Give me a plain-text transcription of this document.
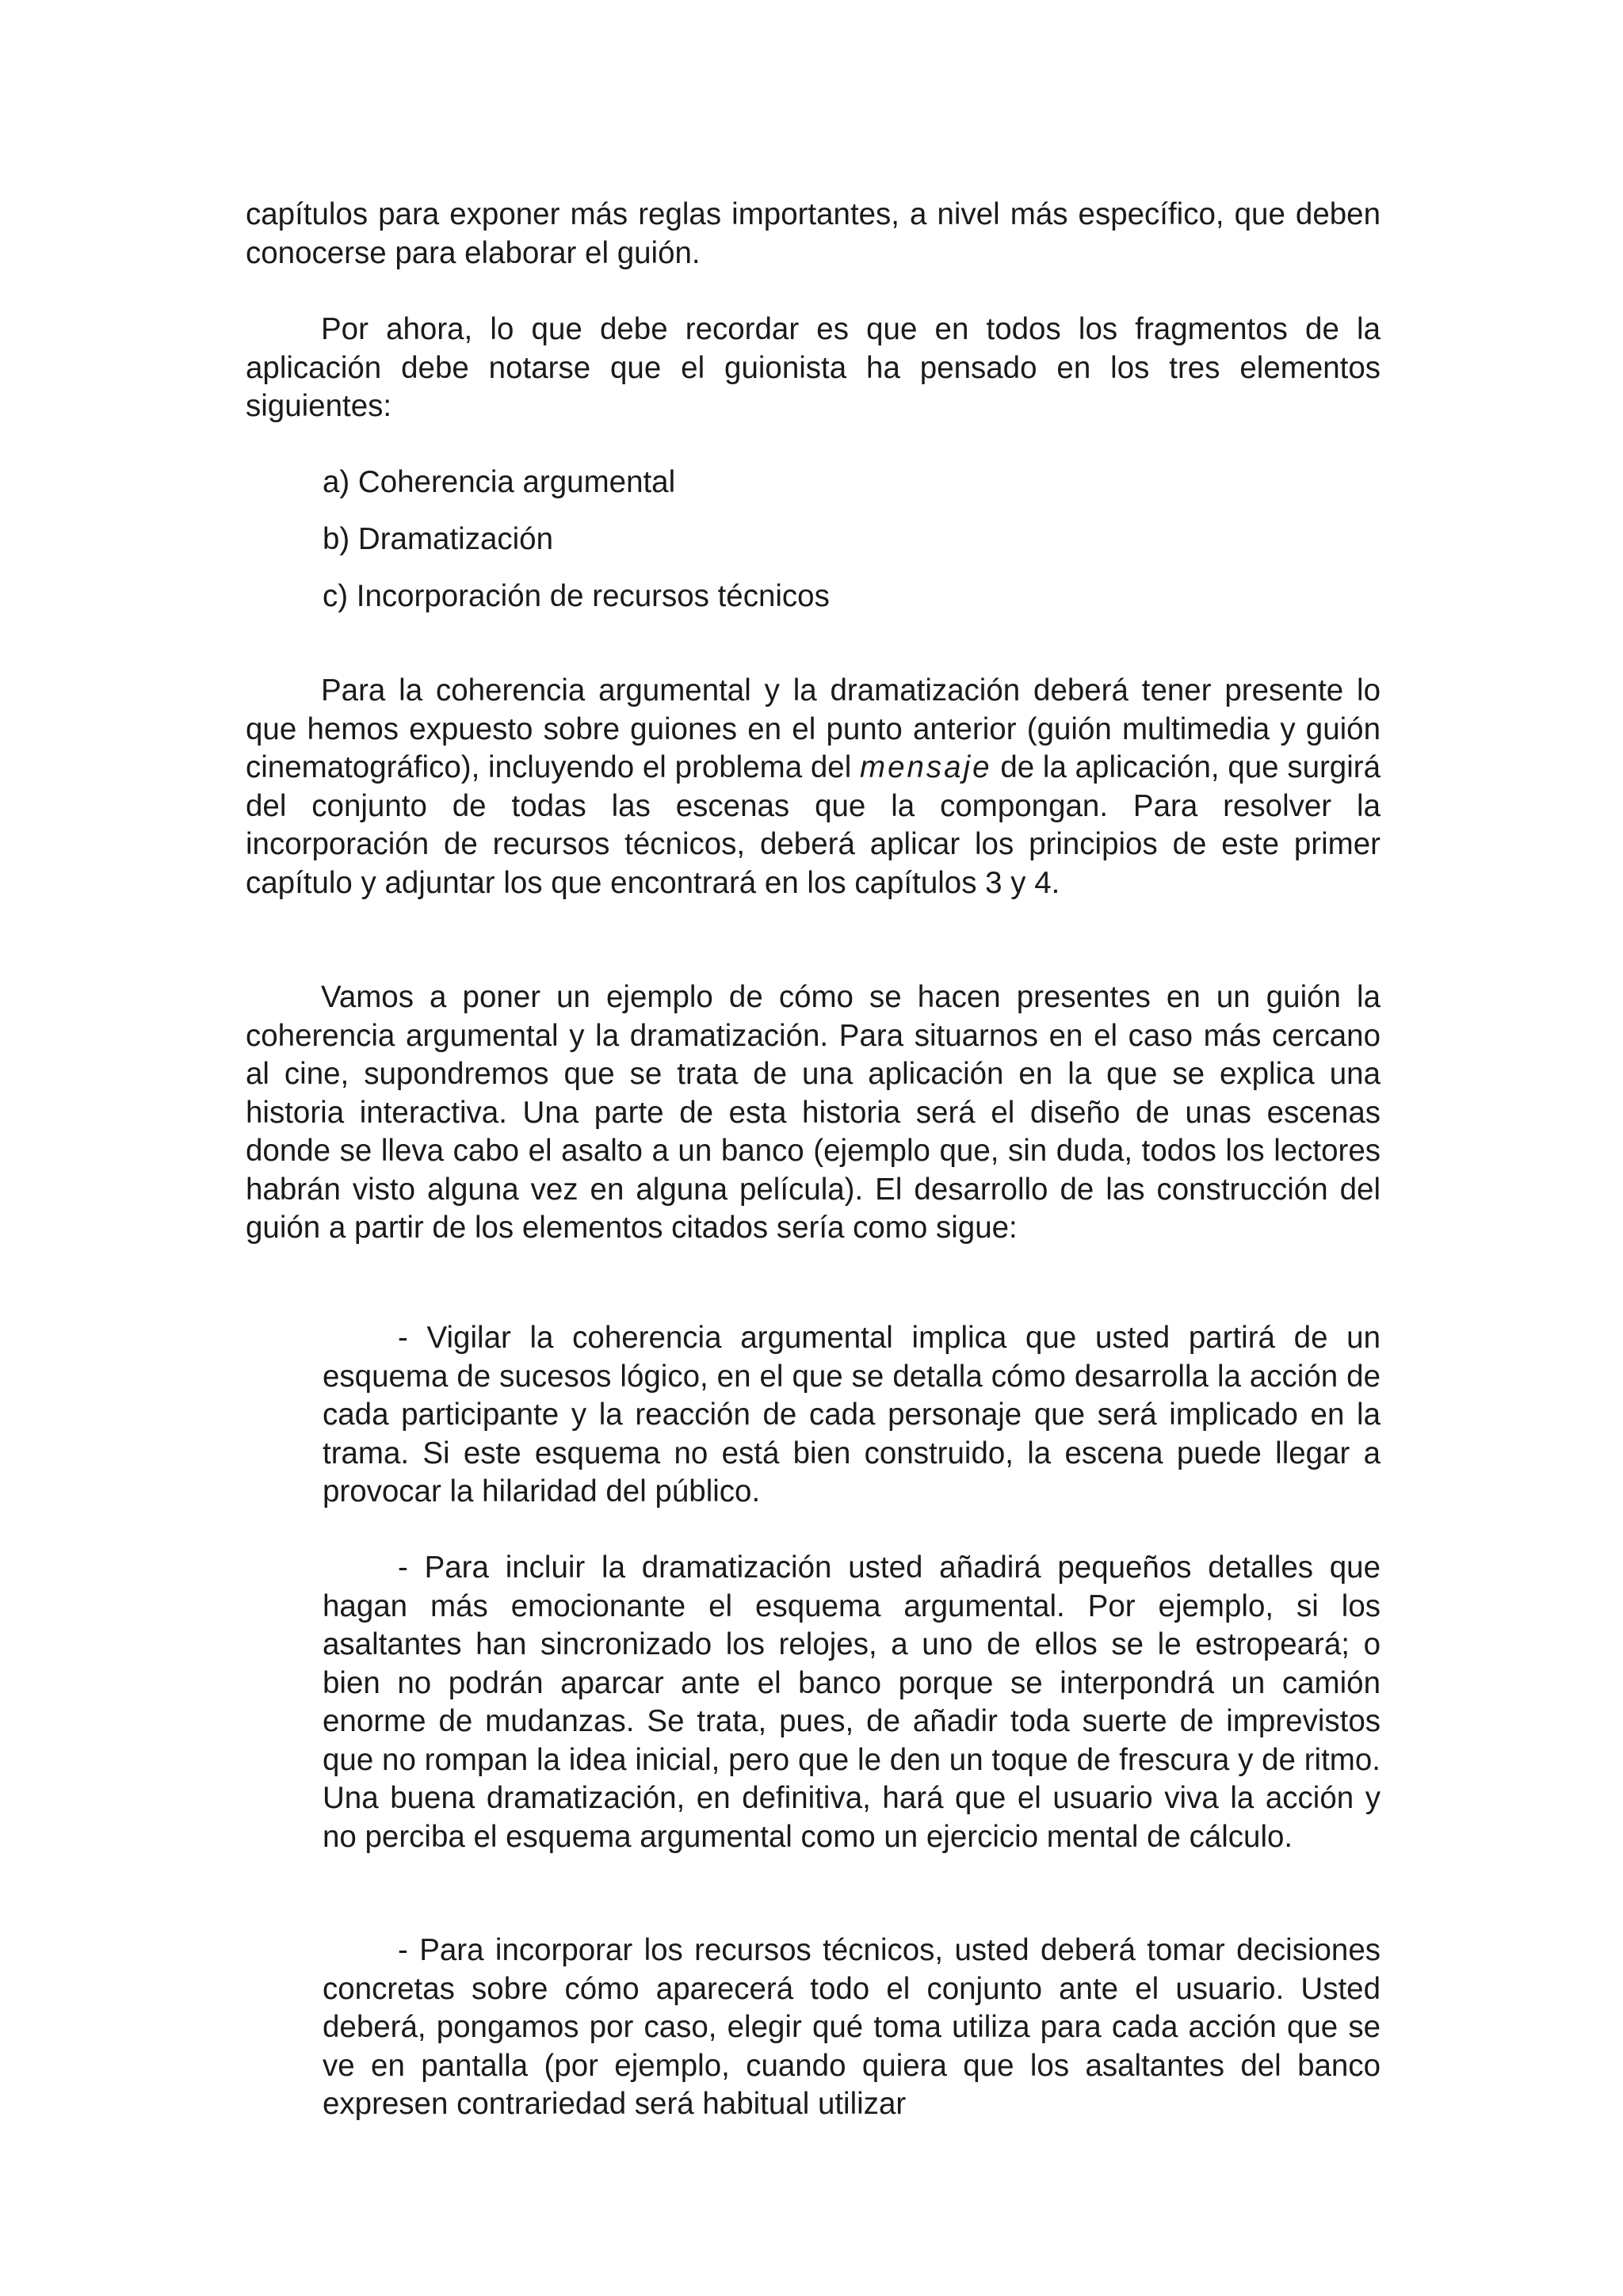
capítulos para exponer más reglas importantes, a nivel más específico, que deben conocerse para elaborar el guión.

Por ahora, lo que debe recordar es que en todos los fragmentos de la aplicación debe notarse que el guionista ha pensado en los tres elementos siguientes:

a) Coherencia argumental

b) Dramatización

c) Incorporación de recursos técnicos

Para la coherencia argumental y la dramatización deberá tener presente lo que hemos expuesto sobre guiones en el punto anterior (guión multimedia y guión cinematográfico), incluyendo el problema del mensaje de la aplicación, que surgirá del conjunto de todas las escenas que la compongan. Para resolver la incorporación de recursos técnicos, deberá aplicar los principios de este primer capítulo y adjuntar los que encontrará en los capítulos 3 y 4.

Vamos a poner un ejemplo de cómo se hacen presentes en un guión la coherencia argumental y la dramatización. Para situarnos en el caso más cercano al cine, supondremos que se trata de una aplicación en la que se explica una historia interactiva. Una parte de esta historia será el diseño de unas escenas donde se lleva cabo el asalto a un banco (ejemplo que, sin duda, todos los lectores habrán visto alguna vez en alguna película). El desarrollo de las construcción del guión a partir de los elementos citados sería como sigue:

- Vigilar la coherencia argumental implica que usted partirá de un esquema de sucesos lógico, en el que se detalla cómo desarrolla la acción de cada participante y la reacción de cada personaje que será implicado en la trama. Si este esquema no está bien construido, la escena puede llegar a provocar la hilaridad del público.

- Para incluir la dramatización usted añadirá pequeños detalles que hagan más emocionante el esquema argumental. Por ejemplo, si los asaltantes han sincronizado los relojes, a uno de ellos se le estropeará; o bien no podrán aparcar ante el banco porque se interpondrá un camión enorme de mudanzas. Se trata, pues, de añadir toda suerte de imprevistos que no rompan la idea inicial, pero que le den un toque de frescura y de ritmo. Una buena dramatización, en definitiva, hará que el usuario viva la acción y no perciba el esquema argumental como un ejercicio mental de cálculo.

- Para incorporar los recursos técnicos, usted deberá tomar decisiones concretas sobre cómo aparecerá todo el conjunto ante el usuario. Usted deberá, pongamos por caso, elegir qué toma utiliza para cada acción que se ve en pantalla (por ejemplo, cuando quiera que los asaltantes del banco expresen contrariedad será habitual utilizar
